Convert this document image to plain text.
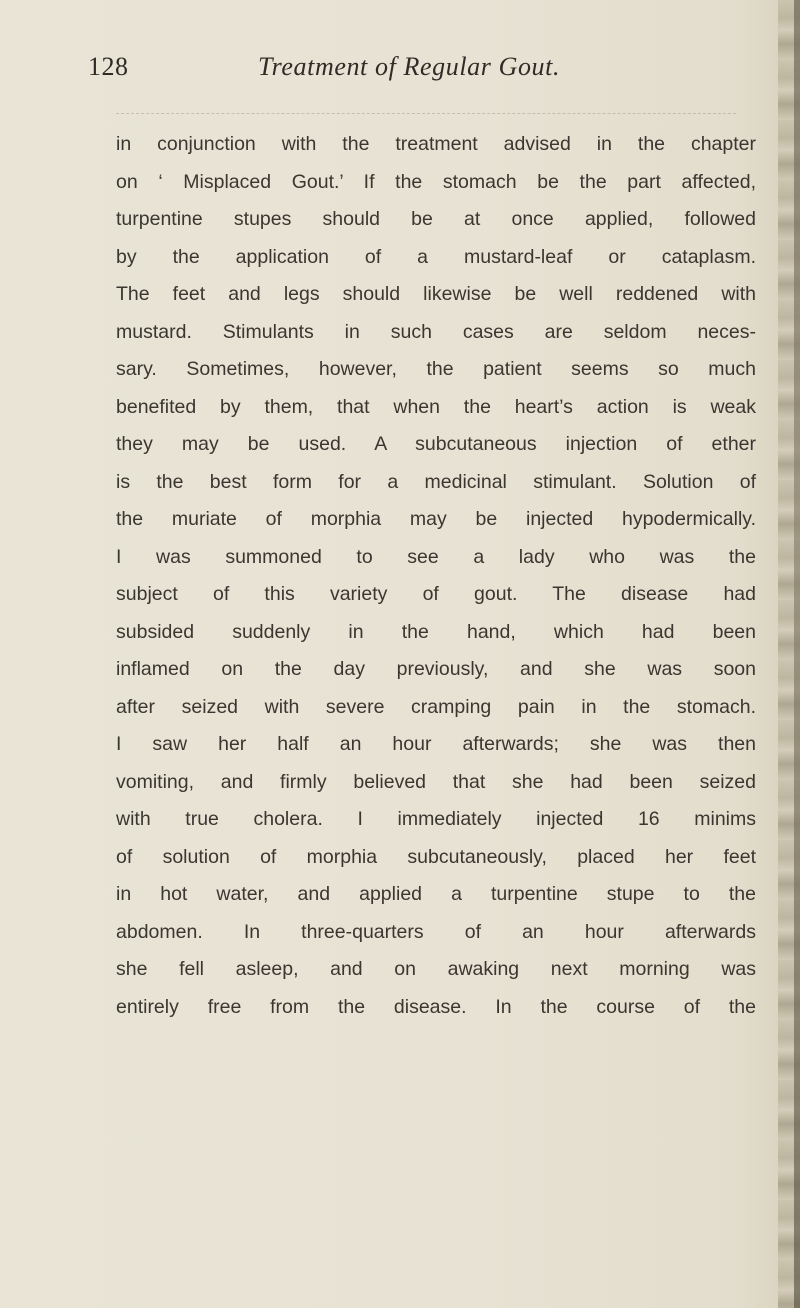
128	Treatment of Regular Gout.
in conjunction with the treatment advised in the chapter
on ‘ Misplaced Gout.’ If the stomach be the part affected,
turpentine stupes should be at once applied, followed
by the application of a mustard-leaf or cataplasm.
The feet and legs should likewise be well reddened with
mustard. Stimulants in such cases are seldom neces-
sary. Sometimes, however, the patient seems so much
benefited by them, that when the heart’s action is weak
they may be used. A subcutaneous injection of ether
is the best form for a medicinal stimulant. Solution of
the muriate of morphia may be injected hypodermically.
I was summoned to see a lady who was the
subject of this variety of gout. The disease had
subsided suddenly in the hand, which had been
inflamed on the day previously, and she was soon
after seized with severe cramping pain in the stomach.
I saw her half an hour afterwards; she was then
vomiting, and firmly believed that she had been seized
with true cholera. I immediately injected 16 minims
of solution of morphia subcutaneously, placed her feet
in hot water, and applied a turpentine stupe to the
abdomen. In three-quarters of an hour afterwards
she fell asleep, and on awaking next morning was
entirely free from the disease. In the course of the
